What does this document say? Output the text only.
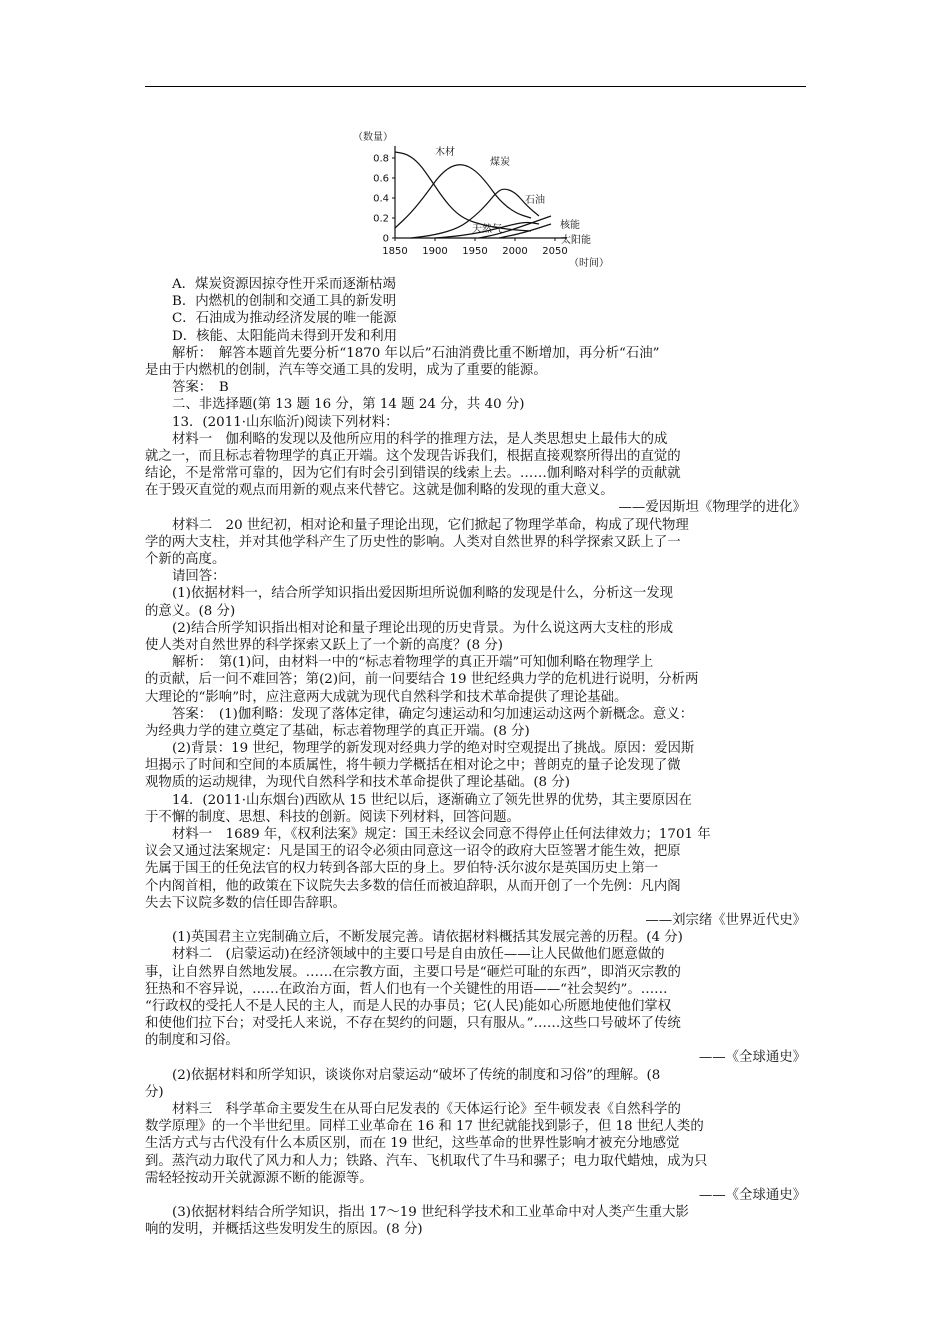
（数量）
（时间）
1850 1900 1950 2000 2050
0
0.2
0.4
0.6
0.8
木材
煤炭
石油
天然气	核能
太阳能
A．煤炭资源因掠夺性开采而逐渐枯竭
B．内燃机的创制和交通工具的新发明
C．石油成为推动经济发展的唯一能源
D．核能、太阳能尚未得到开发和利用
解析：　解答本题首先要分析“1870 年以后”石油消费比重不断增加，再分析“石油”
是由于内燃机的创制，汽车等交通工具的发明，成为了重要的能源。
答案：　B
二、非选择题(第 13 题 16 分，第 14 题 24 分，共 40 分)
13．(2011·山东临沂)阅读下列材料：
材料一　伽利略的发现以及他所应用的科学的推理方法，是人类思想史上最伟大的成
就之一，而且标志着物理学的真正开端。这个发现告诉我们，根据直接观察所得出的直觉的
结论，不是常常可靠的，因为它们有时会引到错误的线索上去。……伽利略对科学的贡献就
在于毁灭直觉的观点而用新的观点来代替它。这就是伽利略的发现的重大意义。
——爱因斯坦《物理学的进化》
材料二　20 世纪初，相对论和量子理论出现，它们掀起了物理学革命，构成了现代物理
学的两大支柱，并对其他学科产生了历史性的影响。人类对自然世界的科学探索又跃上了一
个新的高度。
请回答：
(1)依据材料一，结合所学知识指出爱因斯坦所说伽利略的发现是什么，分析这一发现
的意义。(8 分)
(2)结合所学知识指出相对论和量子理论出现的历史背景。为什么说这两大支柱的形成
使人类对自然世界的科学探索又跃上了一个新的高度？(8 分)
解析：　第(1)问，由材料一中的“标志着物理学的真正开端”可知伽利略在物理学上
的贡献，后一问不难回答；第(2)问，前一问要结合 19 世纪经典力学的危机进行说明，分析两
大理论的“影响”时，应注意两大成就为现代自然科学和技术革命提供了理论基础。
答案：　(1)伽利略：发现了落体定律，确定匀速运动和匀加速运动这两个新概念。意义：
为经典力学的建立奠定了基础，标志着物理学的真正开端。(8 分)
(2)背景：19 世纪，物理学的新发现对经典力学的绝对时空观提出了挑战。原因：爱因斯
坦揭示了时间和空间的本质属性，将牛顿力学概括在相对论之中；普朗克的量子论发现了微
观物质的运动规律，为现代自然科学和技术革命提供了理论基础。(8 分)
14．(2011·山东烟台)西欧从 15 世纪以后，逐渐确立了领先世界的优势，其主要原因在
于不懈的制度、思想、科技的创新。阅读下列材料，回答问题。
材料一　1689 年，《权利法案》规定：国王未经议会同意不得停止任何法律效力；1701 年
议会又通过法案规定：凡是国王的诏令必须由同意这一诏令的政府大臣签署才能生效，把原
先属于国王的任免法官的权力转到各部大臣的身上。罗伯特·沃尔波尔是英国历史上第一
个内阁首相，他的政策在下议院失去多数的信任而被迫辞职，从而开创了一个先例：凡内阁
失去下议院多数的信任即告辞职。
——刘宗绪《世界近代史》
(1)英国君主立宪制确立后，不断发展完善。请依据材料概括其发展完善的历程。(4 分)
材料二　(启蒙运动)在经济领域中的主要口号是自由放任——让人民做他们愿意做的
事，让自然界自然地发展。……在宗教方面，主要口号是“砸烂可耻的东西”，即消灭宗教的
狂热和不容异说，……在政治方面，哲人们也有一个关键性的用语——“社会契约”。……
“行政权的受托人不是人民的主人，而是人民的办事员；它(人民)能如心所愿地使他们掌权
和使他们拉下台；对受托人来说，不存在契约的问题，只有服从。”……这些口号破坏了传统
的制度和习俗。
——《全球通史》
(2)依据材料和所学知识，谈谈你对启蒙运动“破坏了传统的制度和习俗”的理解。(8
分)
材料三　科学革命主要发生在从哥白尼发表的《天体运行论》至牛顿发表《自然科学的
数学原理》的一个半世纪里。同样工业革命在 16 和 17 世纪就能找到影子，但 18 世纪人类的
生活方式与古代没有什么本质区别，而在 19 世纪，这些革命的世界性影响才被充分地感觉
到。蒸汽动力取代了风力和人力；铁路、汽车、飞机取代了牛马和骡子；电力取代蜡烛，成为只
需轻轻按动开关就源源不断的能源等。
——《全球通史》
(3)依据材料结合所学知识，指出 17～19 世纪科学技术和工业革命中对人类产生重大影
响的发明，并概括这些发明发生的原因。(8 分)
